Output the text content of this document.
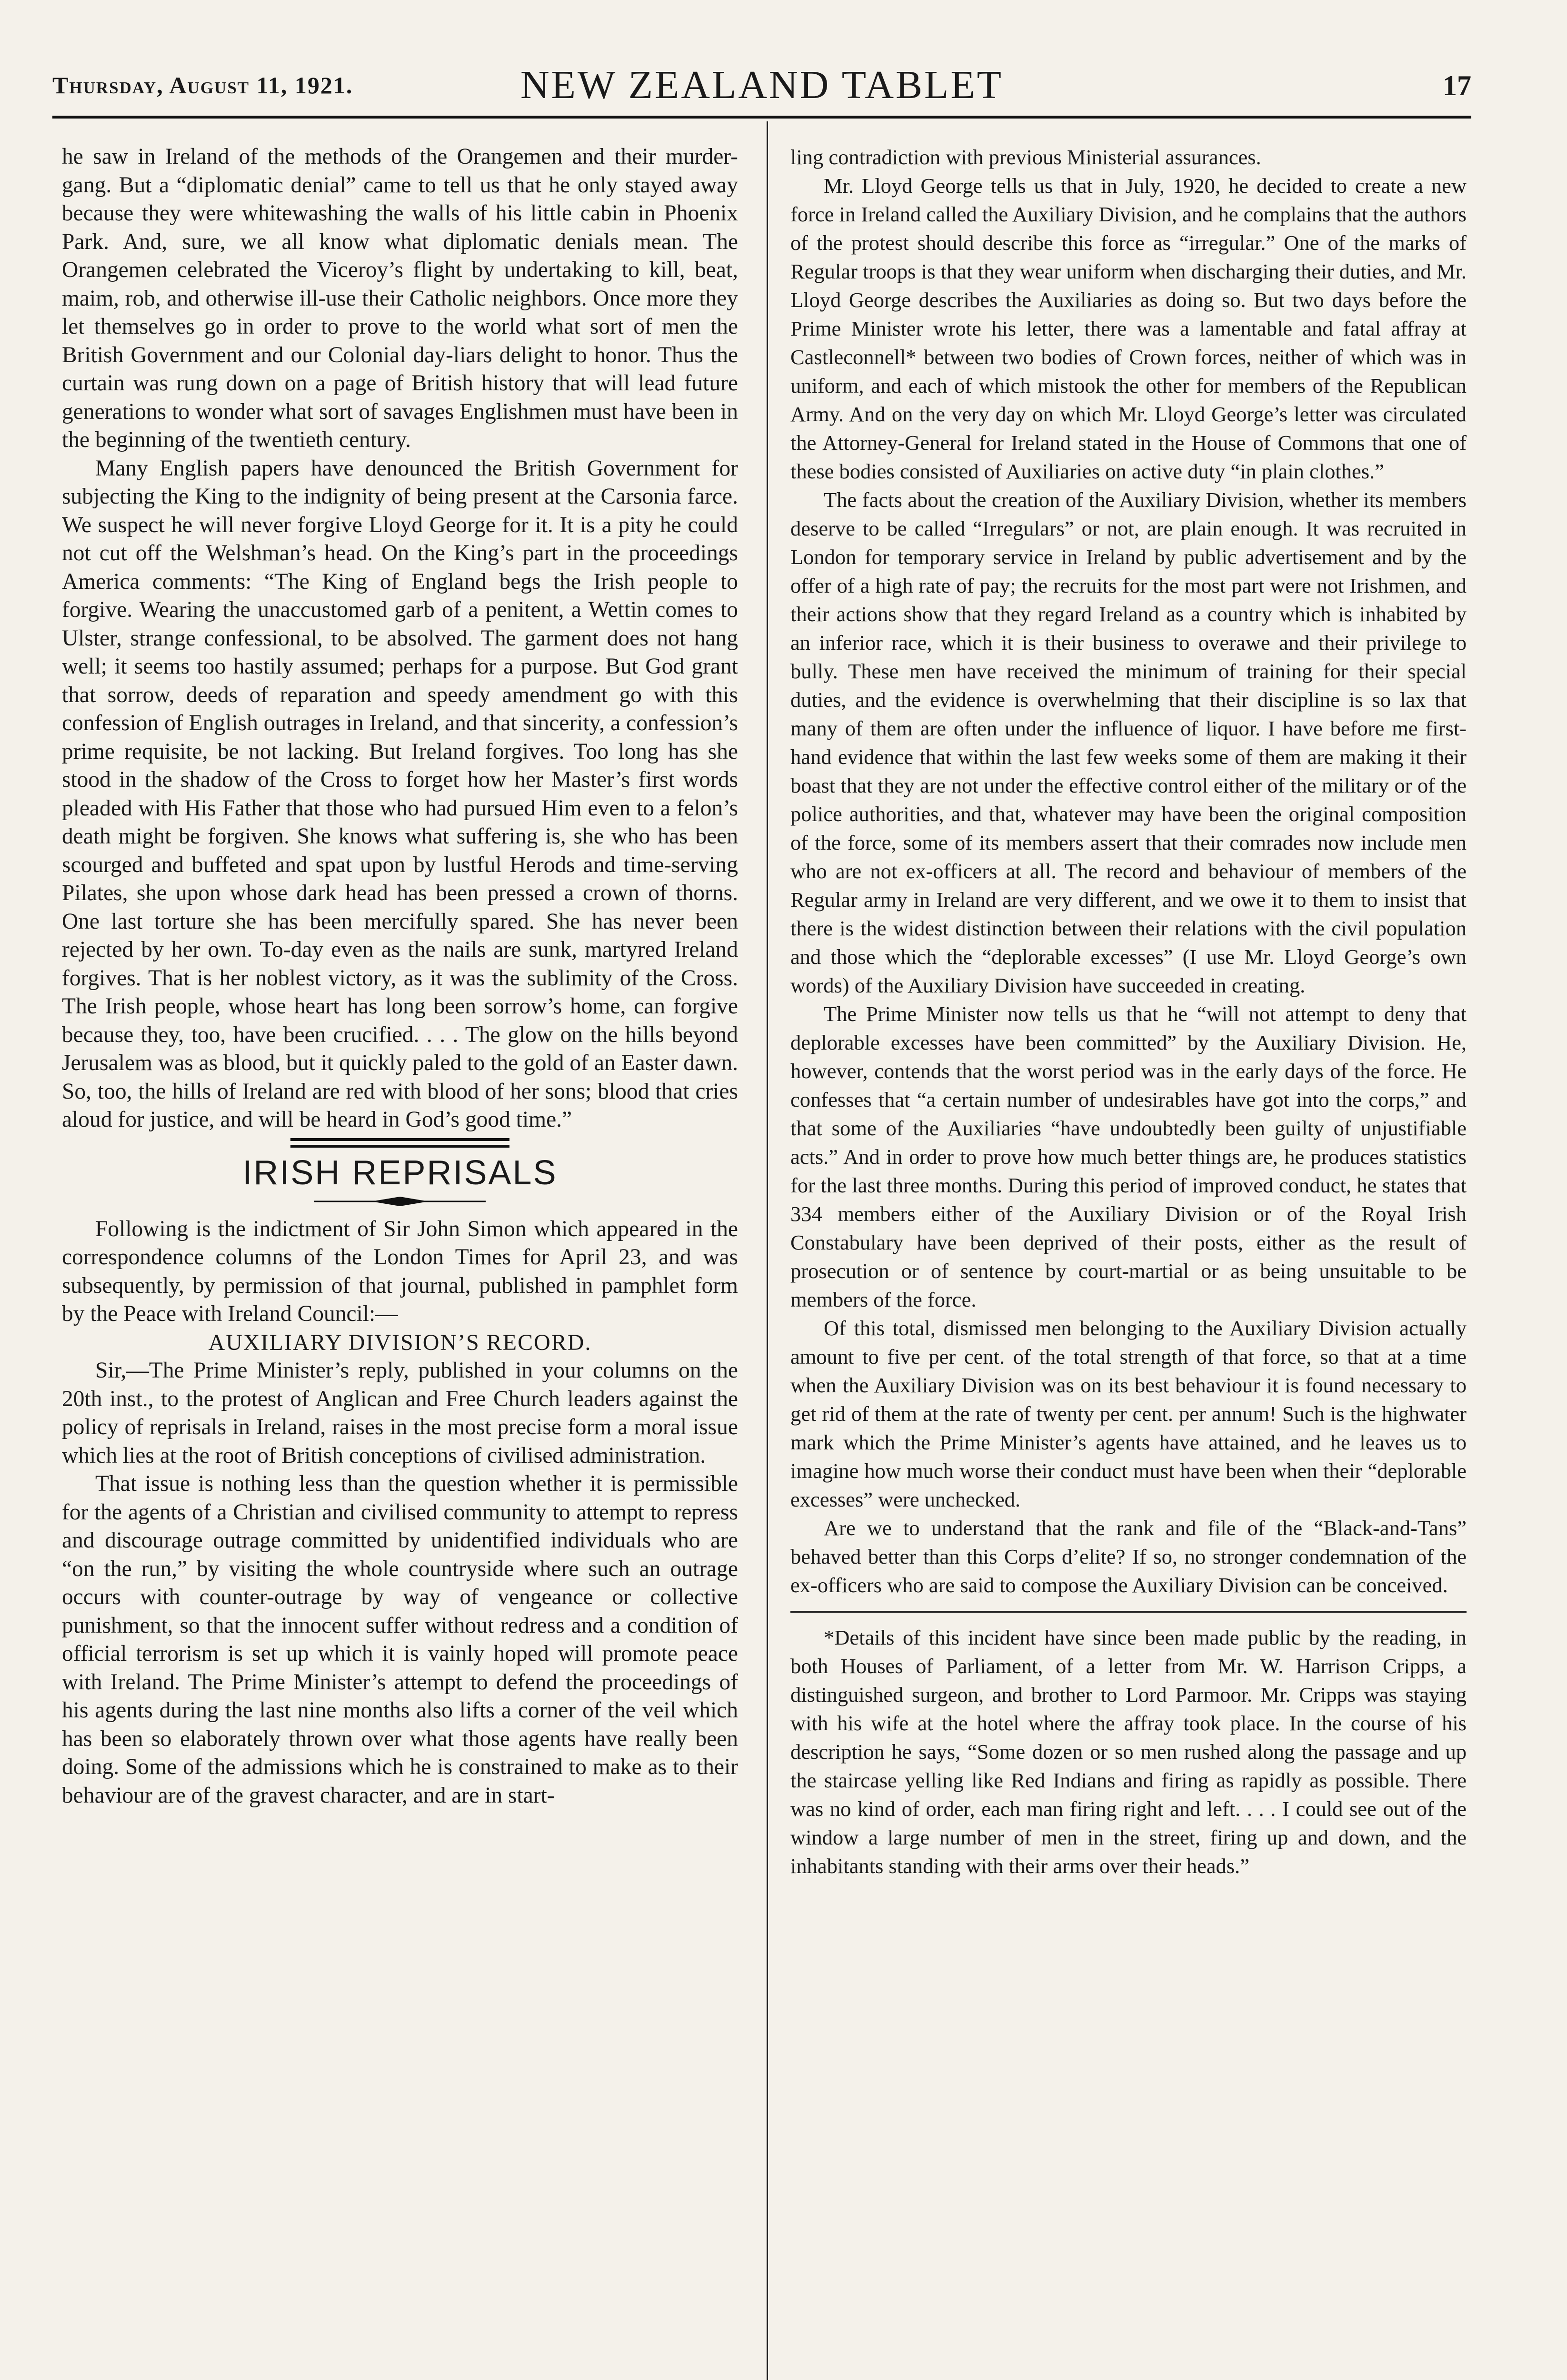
Thursday, August 11, 1921.	NEW ZEALAND TABLET	17

he saw in Ireland of the methods of the Orangemen and their murder-gang. But a “diplomatic denial” came to tell us that he only stayed away because they were whitewashing the walls of his little cabin in Phoenix Park. And, sure, we all know what diplomatic denials mean. The Orangemen celebrated the Viceroy’s flight by undertaking to kill, beat, maim, rob, and otherwise ill-use their Catholic neighbors. Once more they let themselves go in order to prove to the world what sort of men the British Government and our Colonial day-liars delight to honor. Thus the curtain was rung down on a page of British history that will lead future generations to wonder what sort of savages Englishmen must have been in the beginning of the twentieth century.

Many English papers have denounced the British Government for subjecting the King to the indignity of being present at the Carsonia farce. We suspect he will never forgive Lloyd George for it. It is a pity he could not cut off the Welshman’s head. On the King’s part in the proceedings America comments: “The King of England begs the Irish people to forgive. Wearing the unaccustomed garb of a penitent, a Wettin comes to Ulster, strange confessional, to be absolved. The garment does not hang well; it seems too hastily assumed; perhaps for a purpose. But God grant that sorrow, deeds of reparation and speedy amendment go with this confession of English outrages in Ireland, and that sincerity, a confession’s prime requisite, be not lacking. But Ireland forgives. Too long has she stood in the shadow of the Cross to forget how her Master’s first words pleaded with His Father that those who had pursued Him even to a felon’s death might be forgiven. She knows what suffering is, she who has been scourged and buffeted and spat upon by lustful Herods and time-serving Pilates, she upon whose dark head has been pressed a crown of thorns. One last torture she has been mercifully spared. She has never been rejected by her own. To-day even as the nails are sunk, martyred Ireland forgives. That is her noblest victory, as it was the sublimity of the Cross. The Irish people, whose heart has long been sorrow’s home, can forgive because they, too, have been crucified. . . . The glow on the hills beyond Jerusalem was as blood, but it quickly paled to the gold of an Easter dawn. So, too, the hills of Ireland are red with blood of her sons; blood that cries aloud for justice, and will be heard in God’s good time.”

IRISH REPRISALS

Following is the indictment of Sir John Simon which appeared in the correspondence columns of the London Times for April 23, and was subsequently, by permission of that journal, published in pamphlet form by the Peace with Ireland Council:—

AUXILIARY DIVISION’S RECORD.

Sir,—The Prime Minister’s reply, published in your columns on the 20th inst., to the protest of Anglican and Free Church leaders against the policy of reprisals in Ireland, raises in the most precise form a moral issue which lies at the root of British conceptions of civilised administration.

That issue is nothing less than the question whether it is permissible for the agents of a Christian and civilised community to attempt to repress and discourage outrage committed by unidentified individuals who are “on the run,” by visiting the whole countryside where such an outrage occurs with counter-outrage by way of vengeance or collective punishment, so that the innocent suffer without redress and a condition of official terrorism is set up which it is vainly hoped will promote peace with Ireland. The Prime Minister’s attempt to defend the proceedings of his agents during the last nine months also lifts a corner of the veil which has been so elaborately thrown over what those agents have really been doing. Some of the admissions which he is constrained to make as to their behaviour are of the gravest character, and are in start-

ling contradiction with previous Ministerial assurances.

Mr. Lloyd George tells us that in July, 1920, he decided to create a new force in Ireland called the Auxiliary Division, and he complains that the authors of the protest should describe this force as “irregular.” One of the marks of Regular troops is that they wear uniform when discharging their duties, and Mr. Lloyd George describes the Auxiliaries as doing so. But two days before the Prime Minister wrote his letter, there was a lamentable and fatal affray at Castleconnell* between two bodies of Crown forces, neither of which was in uniform, and each of which mistook the other for members of the Republican Army. And on the very day on which Mr. Lloyd George’s letter was circulated the Attorney-General for Ireland stated in the House of Commons that one of these bodies consisted of Auxiliaries on active duty “in plain clothes.”

The facts about the creation of the Auxiliary Division, whether its members deserve to be called “Irregulars” or not, are plain enough. It was recruited in London for temporary service in Ireland by public advertisement and by the offer of a high rate of pay; the recruits for the most part were not Irishmen, and their actions show that they regard Ireland as a country which is inhabited by an inferior race, which it is their business to overawe and their privilege to bully. These men have received the minimum of training for their special duties, and the evidence is overwhelming that their discipline is so lax that many of them are often under the influence of liquor. I have before me first-hand evidence that within the last few weeks some of them are making it their boast that they are not under the effective control either of the military or of the police authorities, and that, whatever may have been the original composition of the force, some of its members assert that their comrades now include men who are not ex-officers at all. The record and behaviour of members of the Regular army in Ireland are very different, and we owe it to them to insist that there is the widest distinction between their relations with the civil population and those which the “deplorable excesses” (I use Mr. Lloyd George’s own words) of the Auxiliary Division have succeeded in creating.

The Prime Minister now tells us that he “will not attempt to deny that deplorable excesses have been committed” by the Auxiliary Division. He, however, contends that the worst period was in the early days of the force. He confesses that “a certain number of undesirables have got into the corps,” and that some of the Auxiliaries “have undoubtedly been guilty of unjustifiable acts.” And in order to prove how much better things are, he produces statistics for the last three months. During this period of improved conduct, he states that 334 members either of the Auxiliary Division or of the Royal Irish Constabulary have been deprived of their posts, either as the result of prosecution or of sentence by court-martial or as being unsuitable to be members of the force.

Of this total, dismissed men belonging to the Auxiliary Division actually amount to five per cent. of the total strength of that force, so that at a time when the Auxiliary Division was on its best behaviour it is found necessary to get rid of them at the rate of twenty per cent. per annum! Such is the highwater mark which the Prime Minister’s agents have attained, and he leaves us to imagine how much worse their conduct must have been when their “deplorable excesses” were unchecked.

Are we to understand that the rank and file of the “Black-and-Tans” behaved better than this Corps d’elite? If so, no stronger condemnation of the ex-officers who are said to compose the Auxiliary Division can be conceived.

*Details of this incident have since been made public by the reading, in both Houses of Parliament, of a letter from Mr. W. Harrison Cripps, a distinguished surgeon, and brother to Lord Parmoor. Mr. Cripps was staying with his wife at the hotel where the affray took place. In the course of his description he says, “Some dozen or so men rushed along the passage and up the staircase yelling like Red Indians and firing as rapidly as possible. There was no kind of order, each man firing right and left. . . . I could see out of the window a large number of men in the street, firing up and down, and the inhabitants standing with their arms over their heads.”
